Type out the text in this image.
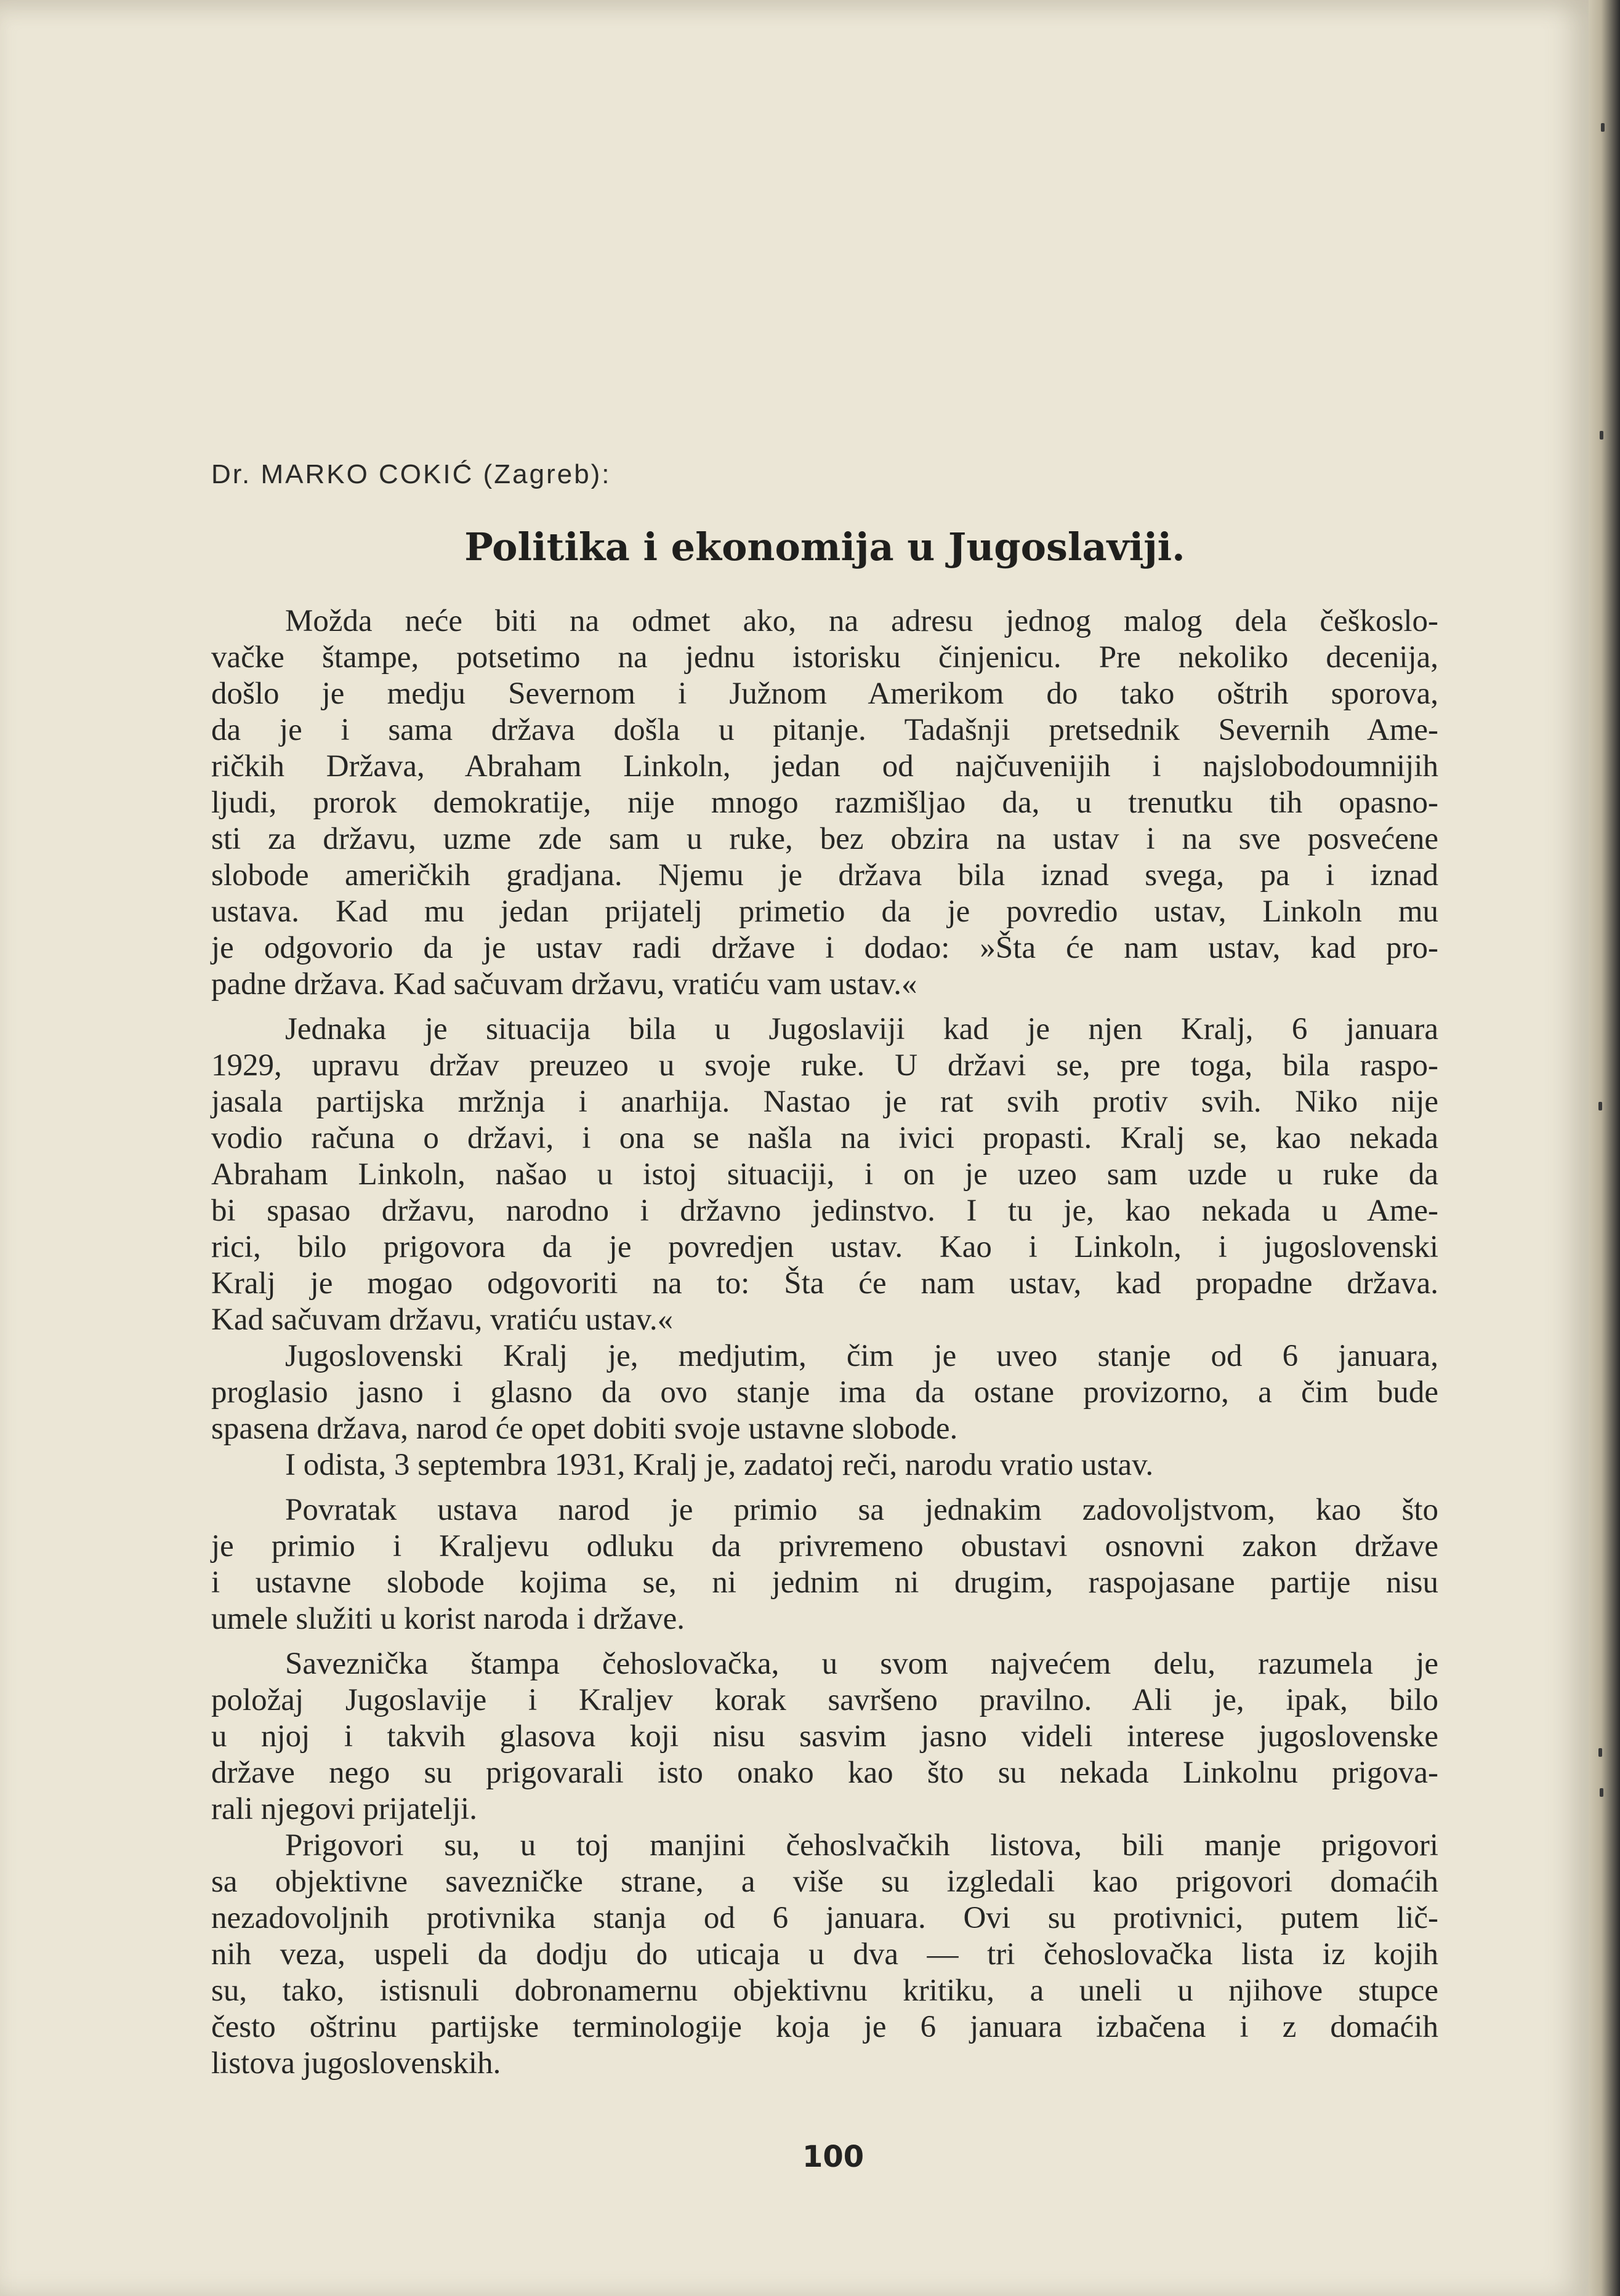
Dr. MARKO COKIĆ (Zagreb):
Politika i ekonomija u Jugoslaviji.
Možda neće biti na odmet ako, na adresu jednog malog dela češkoslo-
vačke štampe, potsetimo na jednu istorisku činjenicu. Pre nekoliko decenija,
došlo je medju Severnom i Južnom Amerikom do tako oštrih sporova,
da je i sama država došla u pitanje. Tadašnji pretsednik Severnih Ame-
ričkih Država, Abraham Linkoln, jedan od najčuvenijih i najslobodoumnijih
ljudi, prorok demokratije, nije mnogo razmišljao da, u trenutku tih opasno-
sti za državu, uzme zde sam u ruke, bez obzira na ustav i na sve posvećene
slobode američkih gradjana. Njemu je država bila iznad svega, pa i iznad
ustava. Kad mu jedan prijatelj primetio da je povredio ustav, Linkoln mu
je odgovorio da je ustav radi države i dodao: »Šta će nam ustav, kad pro-
padne država. Kad sačuvam državu, vratiću vam ustav.«
Jednaka je situacija bila u Jugoslaviji kad je njen Kralj, 6 januara
1929, upravu držav preuzeo u svoje ruke. U državi se, pre toga, bila raspo-
jasala partijska mržnja i anarhija. Nastao je rat svih protiv svih. Niko nije
vodio računa o državi, i ona se našla na ivici propasti. Kralj se, kao nekada
Abraham Linkoln, našao u istoj situaciji, i on je uzeo sam uzde u ruke da
bi spasao državu, narodno i državno jedinstvo. I tu je, kao nekada u Ame-
rici, bilo prigovora da je povredjen ustav. Kao i Linkoln, i jugoslovenski
Kralj je mogao odgovoriti na to: Šta će nam ustav, kad propadne država.
Kad sačuvam državu, vratiću ustav.«
Jugoslovenski Kralj je, medjutim, čim je uveo stanje od 6 januara,
proglasio jasno i glasno da ovo stanje ima da ostane provizorno, a čim bude
spasena država, narod će opet dobiti svoje ustavne slobode.
I odista, 3 septembra 1931, Kralj je, zadatoj reči, narodu vratio ustav.
Povratak ustava narod je primio sa jednakim zadovoljstvom, kao što
je primio i Kraljevu odluku da privremeno obustavi osnovni zakon države
i ustavne slobode kojima se, ni jednim ni drugim, raspojasane partije nisu
umele služiti u korist naroda i države.
Saveznička štampa čehoslovačka, u svom najvećem delu, razumela je
položaj Jugoslavije i Kraljev korak savršeno pravilno. Ali je, ipak, bilo
u njoj i takvih glasova koji nisu sasvim jasno videli interese jugoslovenske
države nego su prigovarali isto onako kao što su nekada Linkolnu prigova-
rali njegovi prijatelji.
Prigovori su, u toj manjini čehoslvačkih listova, bili manje prigovori
sa objektivne savezničke strane, a više su izgledali kao prigovori domaćih
nezadovoljnih protivnika stanja od 6 januara. Ovi su protivnici, putem lič-
nih veza, uspeli da dodju do uticaja u dva — tri čehoslovačka lista iz kojih
su, tako, istisnuli dobronamernu objektivnu kritiku, a uneli u njihove stupce
često oštrinu partijske terminologije koja je 6 januara izbačena i z domaćih
listova jugoslovenskih.
100
